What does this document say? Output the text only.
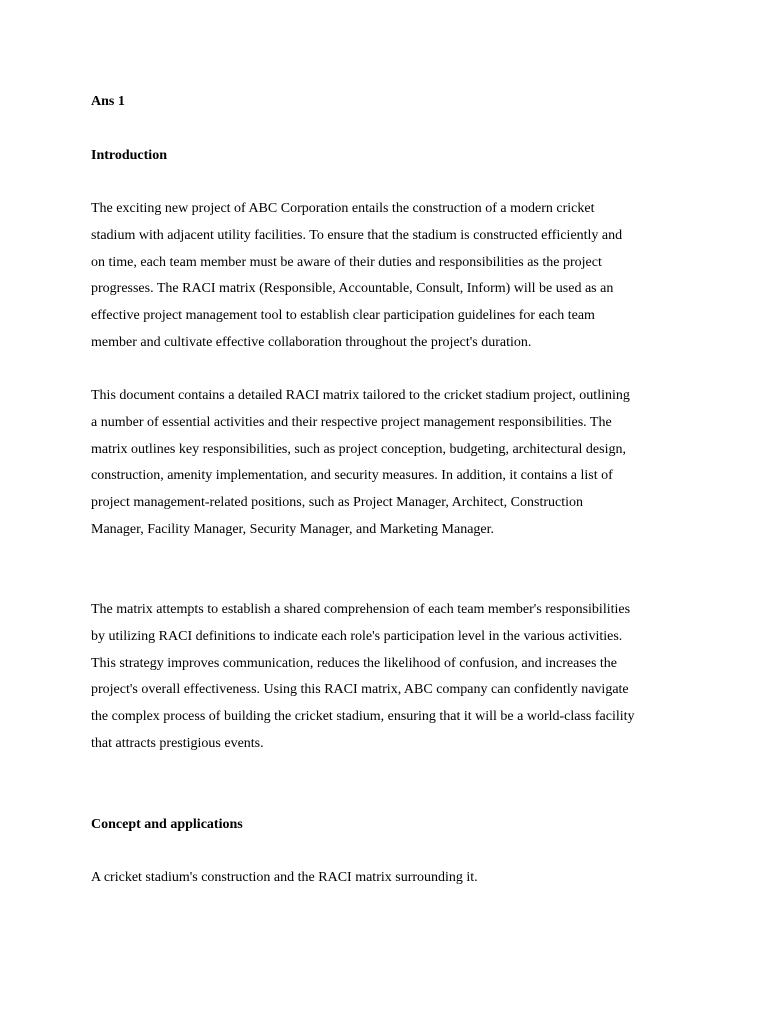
Ans 1

Introduction

The exciting new project of ABC Corporation entails the construction of a modern cricket
stadium with adjacent utility facilities. To ensure that the stadium is constructed efficiently and
on time, each team member must be aware of their duties and responsibilities as the project
progresses. The RACI matrix (Responsible, Accountable, Consult, Inform) will be used as an
effective project management tool to establish clear participation guidelines for each team
member and cultivate effective collaboration throughout the project's duration.

This document contains a detailed RACI matrix tailored to the cricket stadium project, outlining
a number of essential activities and their respective project management responsibilities. The
matrix outlines key responsibilities, such as project conception, budgeting, architectural design,
construction, amenity implementation, and security measures. In addition, it contains a list of
project management-related positions, such as Project Manager, Architect, Construction
Manager, Facility Manager, Security Manager, and Marketing Manager.

The matrix attempts to establish a shared comprehension of each team member's responsibilities
by utilizing RACI definitions to indicate each role's participation level in the various activities.
This strategy improves communication, reduces the likelihood of confusion, and increases the
project's overall effectiveness. Using this RACI matrix, ABC company can confidently navigate
the complex process of building the cricket stadium, ensuring that it will be a world-class facility
that attracts prestigious events.

Concept and applications

A cricket stadium's construction and the RACI matrix surrounding it.
